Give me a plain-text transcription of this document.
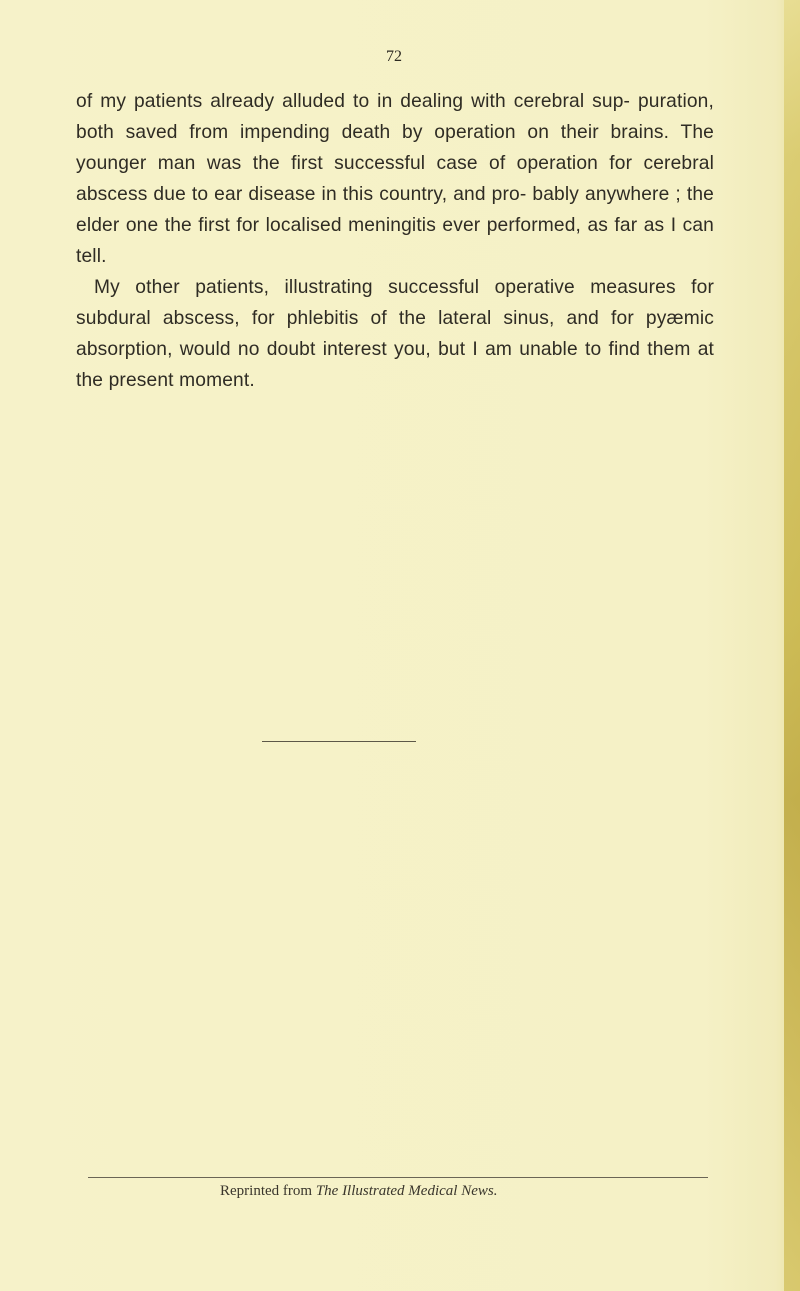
72

of my patients already alluded to in dealing with cerebral sup- puration, both saved from impending death by operation on their brains. The younger man was the first successful case of operation for cerebral abscess due to ear disease in this country, and pro- bably anywhere ; the elder one the first for localised meningitis ever performed, as far as I can tell.

My other patients, illustrating successful operative measures for subdural abscess, for phlebitis of the lateral sinus, and for pyæmic absorption, would no doubt interest you, but I am unable to find them at the present moment.

Reprinted from The Illustrated Medical News.
